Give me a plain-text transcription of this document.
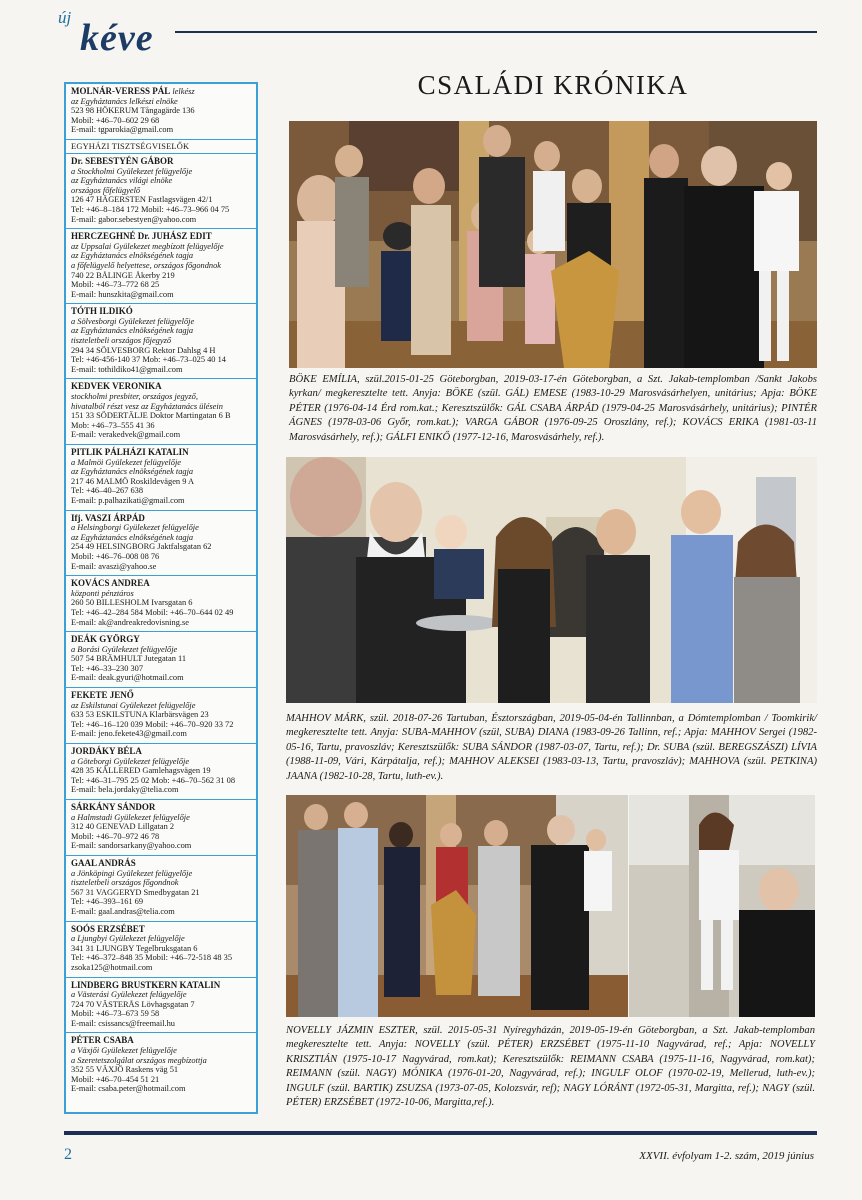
új kéve
MOLNÁR-VERESS PÁL lelkész
az Egyháztanács lelkészi elnöke
523 98 HÖKERUM Tångagärde 136
Mobil: +46–70–602 29 68
E-mail: tgparokia@gmail.com
EGYHÁZI TISZTSÉGVISELŐK
Dr. SEBESTYÉN GÁBOR
a Stockholmi Gyülekezet felügyelője
az Egyháztanács világi elnöke
országos főfelügyelő
126 47 HÄGERSTEN Fastlagsvägen 42/1
Tel: +46–8–184 172 Mobil: +46–73–966 04 75
E-mail: gabor.sebestyen@yahoo.com
HERCZEGHNÉ Dr. JUHÁSZ EDIT
az Uppsalai Gyülekezet megbízott felügyelője
az Egyháztanács elnökségének tagja
a főfelügyelő helyettese, országos főgondnok
740 22 BÅLINGE Åkerby 219
Mobil: +46–73–772 68 25
E-mail: hunszkita@gmail.com
TÓTH ILDIKÓ
a Sölvesborgi Gyülekezet felügyelője
az Egyháztanács elnökségének tagja
tiszteletbeli országos főjegyző
294 34 SÖLVESBORG Rektor Dahlsg 4 H
Tel: +46-456-140 37 Mob: +46–73–025 40 14
E-mail: tothildiko41@gmail.com
KEDVEK VERONIKA
stockholmi presbiter, országos jegyző,
hivatalból részt vesz az Egyháztanács ülésein
151 33 SÖDERTÄLJE Doktor Martingatan 6 B
Mob: +46–73–555 41 36
E-mail: verakedvek@gmail.com
PITLIK PÁLHÁZI KATALIN
a Malmöi Gyülekezet felügyelője
az Egyháztanács elnökségének tagja
217 46 MALMÖ Roskildevägen 9 A
Tel: +46–40–267 638
E-mail: p.palhazikati@gmail.com
Ifj. VASZI ÁRPÁD
a Helsingborgi Gyülekezet felügyelője
az Egyháztanács elnökségének tagja
254 49 HELSINGBORG Jaktfalsgatan 62
Mobil: +46–76–008 08 76
E-mail: avaszi@yahoo.se
KOVÁCS ANDREA
központi pénztáros
260 50 BILLESHOLM Ivarsgatan 6
Tel: +46–42–284 584 Mobil: +46–70–644 02 49
E-mail: ak@andreakredovisning.se
DEÁK GYÖRGY
a Borási Gyülekezet felügyelője
507 54 BRÄMHULT Jutegatan 11
Tel: +46–33–230 307
E-mail: deak.gyuri@hotmail.com
FEKETE JENŐ
az Eskilstunai Gyülekezet felügyelője
633 53 ESKILSTUNA Klarbärsvägen 23
Tel: +46–16–120 039 Mobil: +46–70–920 33 72
E-mail: jeno.fekete43@gmail.com
JORDÁKY BÉLA
a Göteborgi Gyülekezet felügyelője
428 35 KÅLLERED Gamlehagsvägen 19
Tel: +46–31–795 25 02 Mob: +46–70–562 31 08
E-mail: bela.jordaky@telia.com
SÁRKÁNY SÁNDOR
a Halmstadi Gyülekezet felügyelője
312 40 GENEVAD Lillgatan 2
Mobil: +46–70–972 46 78
E-mail: sandorsarkany@yahoo.com
GAAL ANDRÁS
a Jönköpingi Gyülekezet felügyelője
tiszteletbeli országos főgondnok
567 31 VAGGERYD Smedbygatan 21
Tel: +46–393–161 69
E-mail: gaal.andras@telia.com
SOÓS ERZSÉBET
a Ljungbyi Gyülekezet felügyelője
341 31 LJUNGBY Tegelbruksgatan 6
Tel: +46–372–848 35 Mobil: +46–72-518 48 35
zsoka125@hotmail.com
LINDBERG BRUSTKERN KATALIN
a Västerási Gyülekezet felügyelője
724 70 VÄSTERÅS Lövhagsgatan 7
Mobil: +46–73–673 59 58
E-mail: csissancs@freemail.hu
PÉTER CSABA
a Växjői Gyülekezet felügyelője
a Szeretetszolgálat országos megbízottja
352 55 VÄXJÖ Raskens väg 51
Mobil: +46–70–454 51 21
E-mail: csaba.peter@hotmail.com
CSALÁDI KRÓNIKA
BÖKE EMÍLIA, szül.2015-01-25 Göteborgban, 2019-03-17-én Göteborgban, a Szt. Jakab-templomban /Sankt Jakobs kyrkan/ megkeresztelte tett. Anyja: BÖKE (szül. GÁL) EMESE (1983-10-29 Marosvásárhelyen, unitárius; Apja: BÖKE PÉTER (1976-04-14 Érd rom.kat.; Keresztszülők: GÁL CSABA ÁRPÁD (1979-04-25 Marosvásárhely, unitárius); PINTÉR ÁGNES (1978-03-06 Győr, rom.kat.); VARGA GÁBOR (1976-09-25 Oroszlány, ref.); KOVÁCS ERIKA (1981-03-11 Marosvásárhely, ref.); GÁLFI ENIKŐ (1977-12-16, Marosvásárhely, ref.).
MAHHOV MÁRK, szül. 2018-07-26 Tartuban, Észtországban, 2019-05-04-én Tallinnban, a Dómtemplomban / Toomkirik/ megkeresztelte tett. Anyja: SUBA-MAHHOV (szül, SUBA) DIANA (1983-09-26 Tallinn, ref.; Apja: MAHHOV Sergei (1982-05-16, Tartu, pravoszláv; Keresztszülők: SUBA SÁNDOR (1987-03-07, Tartu, ref.); Dr. SUBA (szül. BEREGSZÁSZI) LÍVIA (1988-11-09, Vári, Kárpátalja, ref.); MAHHOV ALEKSEI (1983-03-13, Tartu, pravoszláv); MAHHOVA (szül. PETKINA) JAANA (1982-10-28, Tartu, luth-ev.).
NOVELLY JÁZMIN ESZTER, szül. 2015-05-31 Nyíregyházán, 2019-05-19-én Göteborgban, a Szt. Jakab-templomban megkeresztelte tett. Anyja: NOVELLY (szül. PÉTER) ERZSÉBET (1975-11-10 Nagyvárad, ref.; Apja: NOVELLY KRISZTIÁN (1975-10-17 Nagyvárad, rom.kat); Keresztszülők: REIMANN CSABA (1975-11-16, Nagyvárad, rom.kat); REIMANN (szül. NAGY) MÓNIKA (1976-01-20, Nagyvárad, ref.); INGULF OLOF (1970-02-19, Mellerud, luth-ev.); INGULF (szül. BARTIK) ZSUZSA (1973-07-05, Kolozsvár, ref); NAGY LÓRÁNT (1972-05-31, Margitta, ref.); NAGY (szül. PÉTER) ERZSÉBET (1972-10-06, Margitta,ref.).
2	XXVII. évfolyam 1-2. szám, 2019 június
